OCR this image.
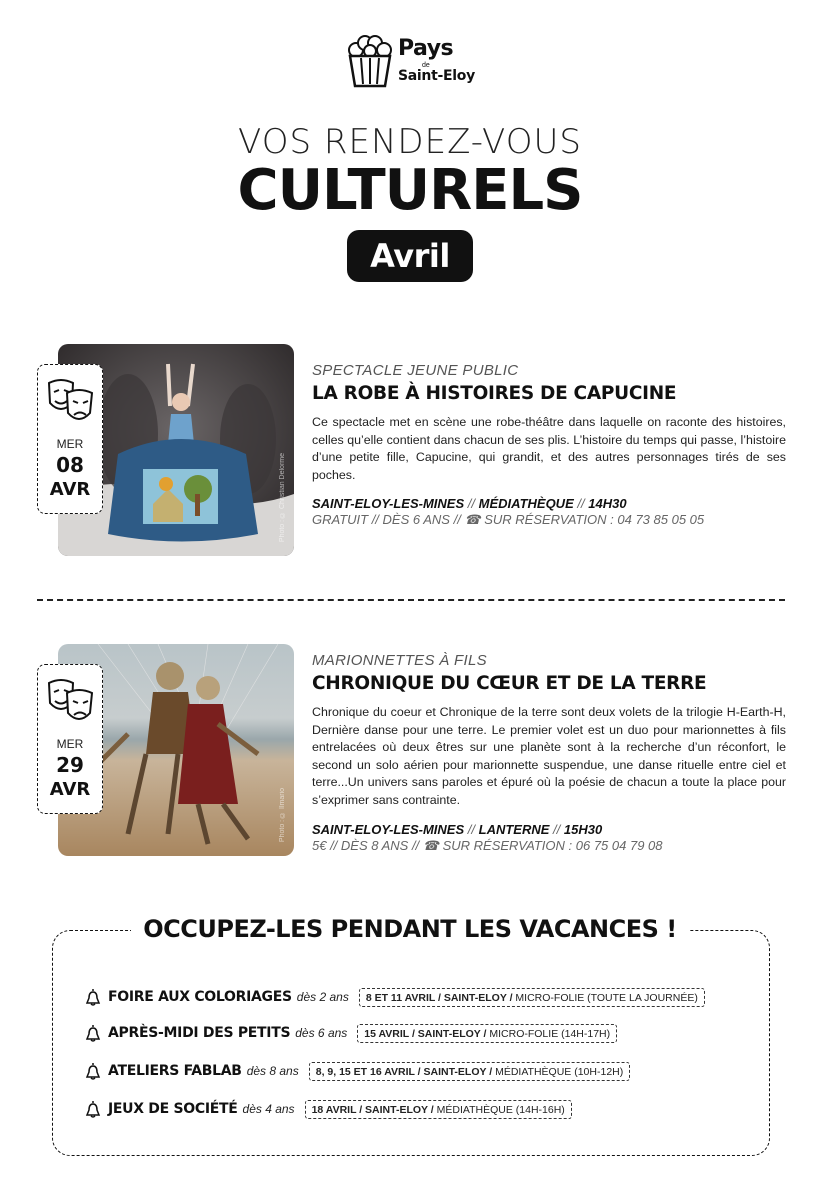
Pays
de
Saint-Eloy
VOS RENDEZ-VOUS
CULTURELS
Avril
Photo : © Christian Delorme
MER
08
AVR
SPECTACLE JEUNE PUBLIC
LA ROBE À HISTOIRES DE CAPUCINE
Ce spectacle met en scène une robe-théâtre dans laquelle on raconte des histoires, celles qu’elle contient dans chacun de ses plis. L’histoire du temps qui passe, l’histoire d’une petite fille, Capucine, qui grandit, et des autres personnages tirés de ses poches.
SAINT-ELOY-LES-MINES // MÉDIATHÈQUE // 14H30
GRATUIT // DÈS 6 ANS // ☎ SUR RÉSERVATION : 04 73 85 05 05
Photo : © Ilmario
MER
29
AVR
MARIONNETTES À FILS
CHRONIQUE DU CŒUR ET DE LA TERRE
Chronique du coeur et Chronique de la terre sont deux volets de la trilogie H-Earth-H, Dernière danse pour une terre. Le premier volet est un duo pour marionnettes à fils entrelacées où deux êtres sur une planète sont à la recherche d’un réconfort, le second un solo aérien pour marionnette suspendue, une danse rituelle entre ciel et terre...Un univers sans paroles et épuré où la poésie de chacun a toute la place pour s’exprimer sans contrainte.
SAINT-ELOY-LES-MINES // LANTERNE // 15H30
5€ // DÈS 8 ANS // ☎ SUR RÉSERVATION : 06 75 04 79 08
OCCUPEZ-LES PENDANT LES VACANCES !
FOIRE AUX COLORIAGES dès 2 ans	8 ET 11 AVRIL / SAINT-ELOY / MICRO-FOLIE (TOUTE LA JOURNÉE)
APRÈS-MIDI DES PETITS dès 6 ans	15 AVRIL / SAINT-ELOY / MICRO-FOLIE (14H-17H)
ATELIERS FABLAB dès 8 ans	8, 9, 15 ET 16 AVRIL / SAINT-ELOY / MÉDIATHÈQUE (10H-12H)
JEUX DE SOCIÉTÉ dès 4 ans	18 AVRIL / SAINT-ELOY / MÉDIATHÈQUE (14H-16H)
